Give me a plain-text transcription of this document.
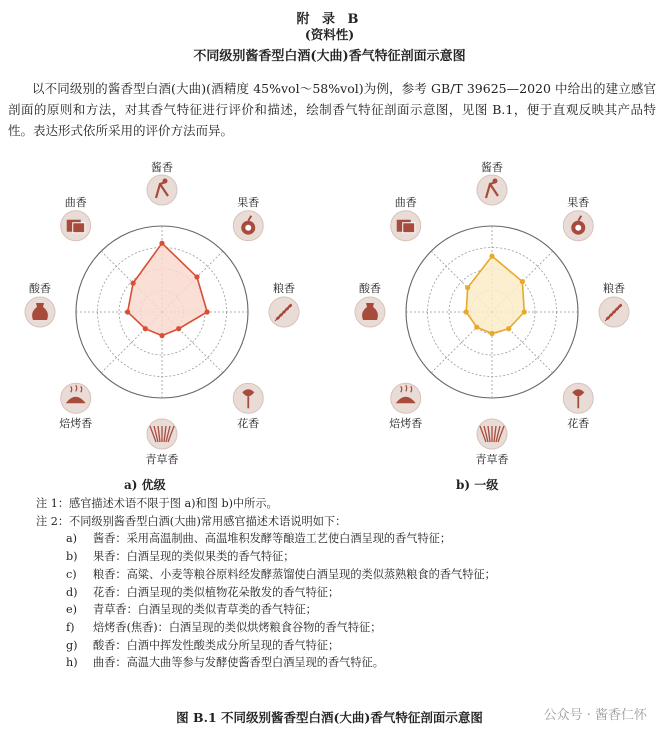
附 录 B
(资料性)
不同级别酱香型白酒(大曲)香气特征剖面示意图
以不同级别的酱香型白酒(大曲)(酒精度 45%vol～58%vol)为例，参考 GB/T 39625—2020 中给出的建立感官剖面的原则和方法，对其香气特征进行评价和描述，绘制香气特征剖面示意图，见图 B.1，便于直观反映其产品特性。表达形式依所采用的评价方法而异。
酱香
果香
粮香
花香
青草香
焙烤香
酸香
曲香
酱香
果香
粮香
花香
青草香
焙烤香
酸香
曲香
a) 优级	b) 一级
注 1：感官描述术语不限于图 a)和图 b)中所示。
注 2：不同级别酱香型白酒(大曲)常用感官描述术语说明如下：
a)	酱香：采用高温制曲、高温堆积发酵等酿造工艺使白酒呈现的香气特征；
b)	果香：白酒呈现的类似果类的香气特征；
c)	粮香：高粱、小麦等粮谷原料经发酵蒸馏使白酒呈现的类似蒸熟粮食的香气特征；
d)	花香：白酒呈现的类似植物花朵散发的香气特征；
e)	青草香：白酒呈现的类似青草类的香气特征；
f)	焙烤香(焦香)：白酒呈现的类似烘烤粮食谷物的香气特征；
g)	酸香：白酒中挥发性酸类成分所呈现的香气特征；
h)	曲香：高温大曲等参与发酵使酱香型白酒呈现的香气特征。
图 B.1 不同级别酱香型白酒(大曲)香气特征剖面示意图	公众号 · 酱香仁怀
